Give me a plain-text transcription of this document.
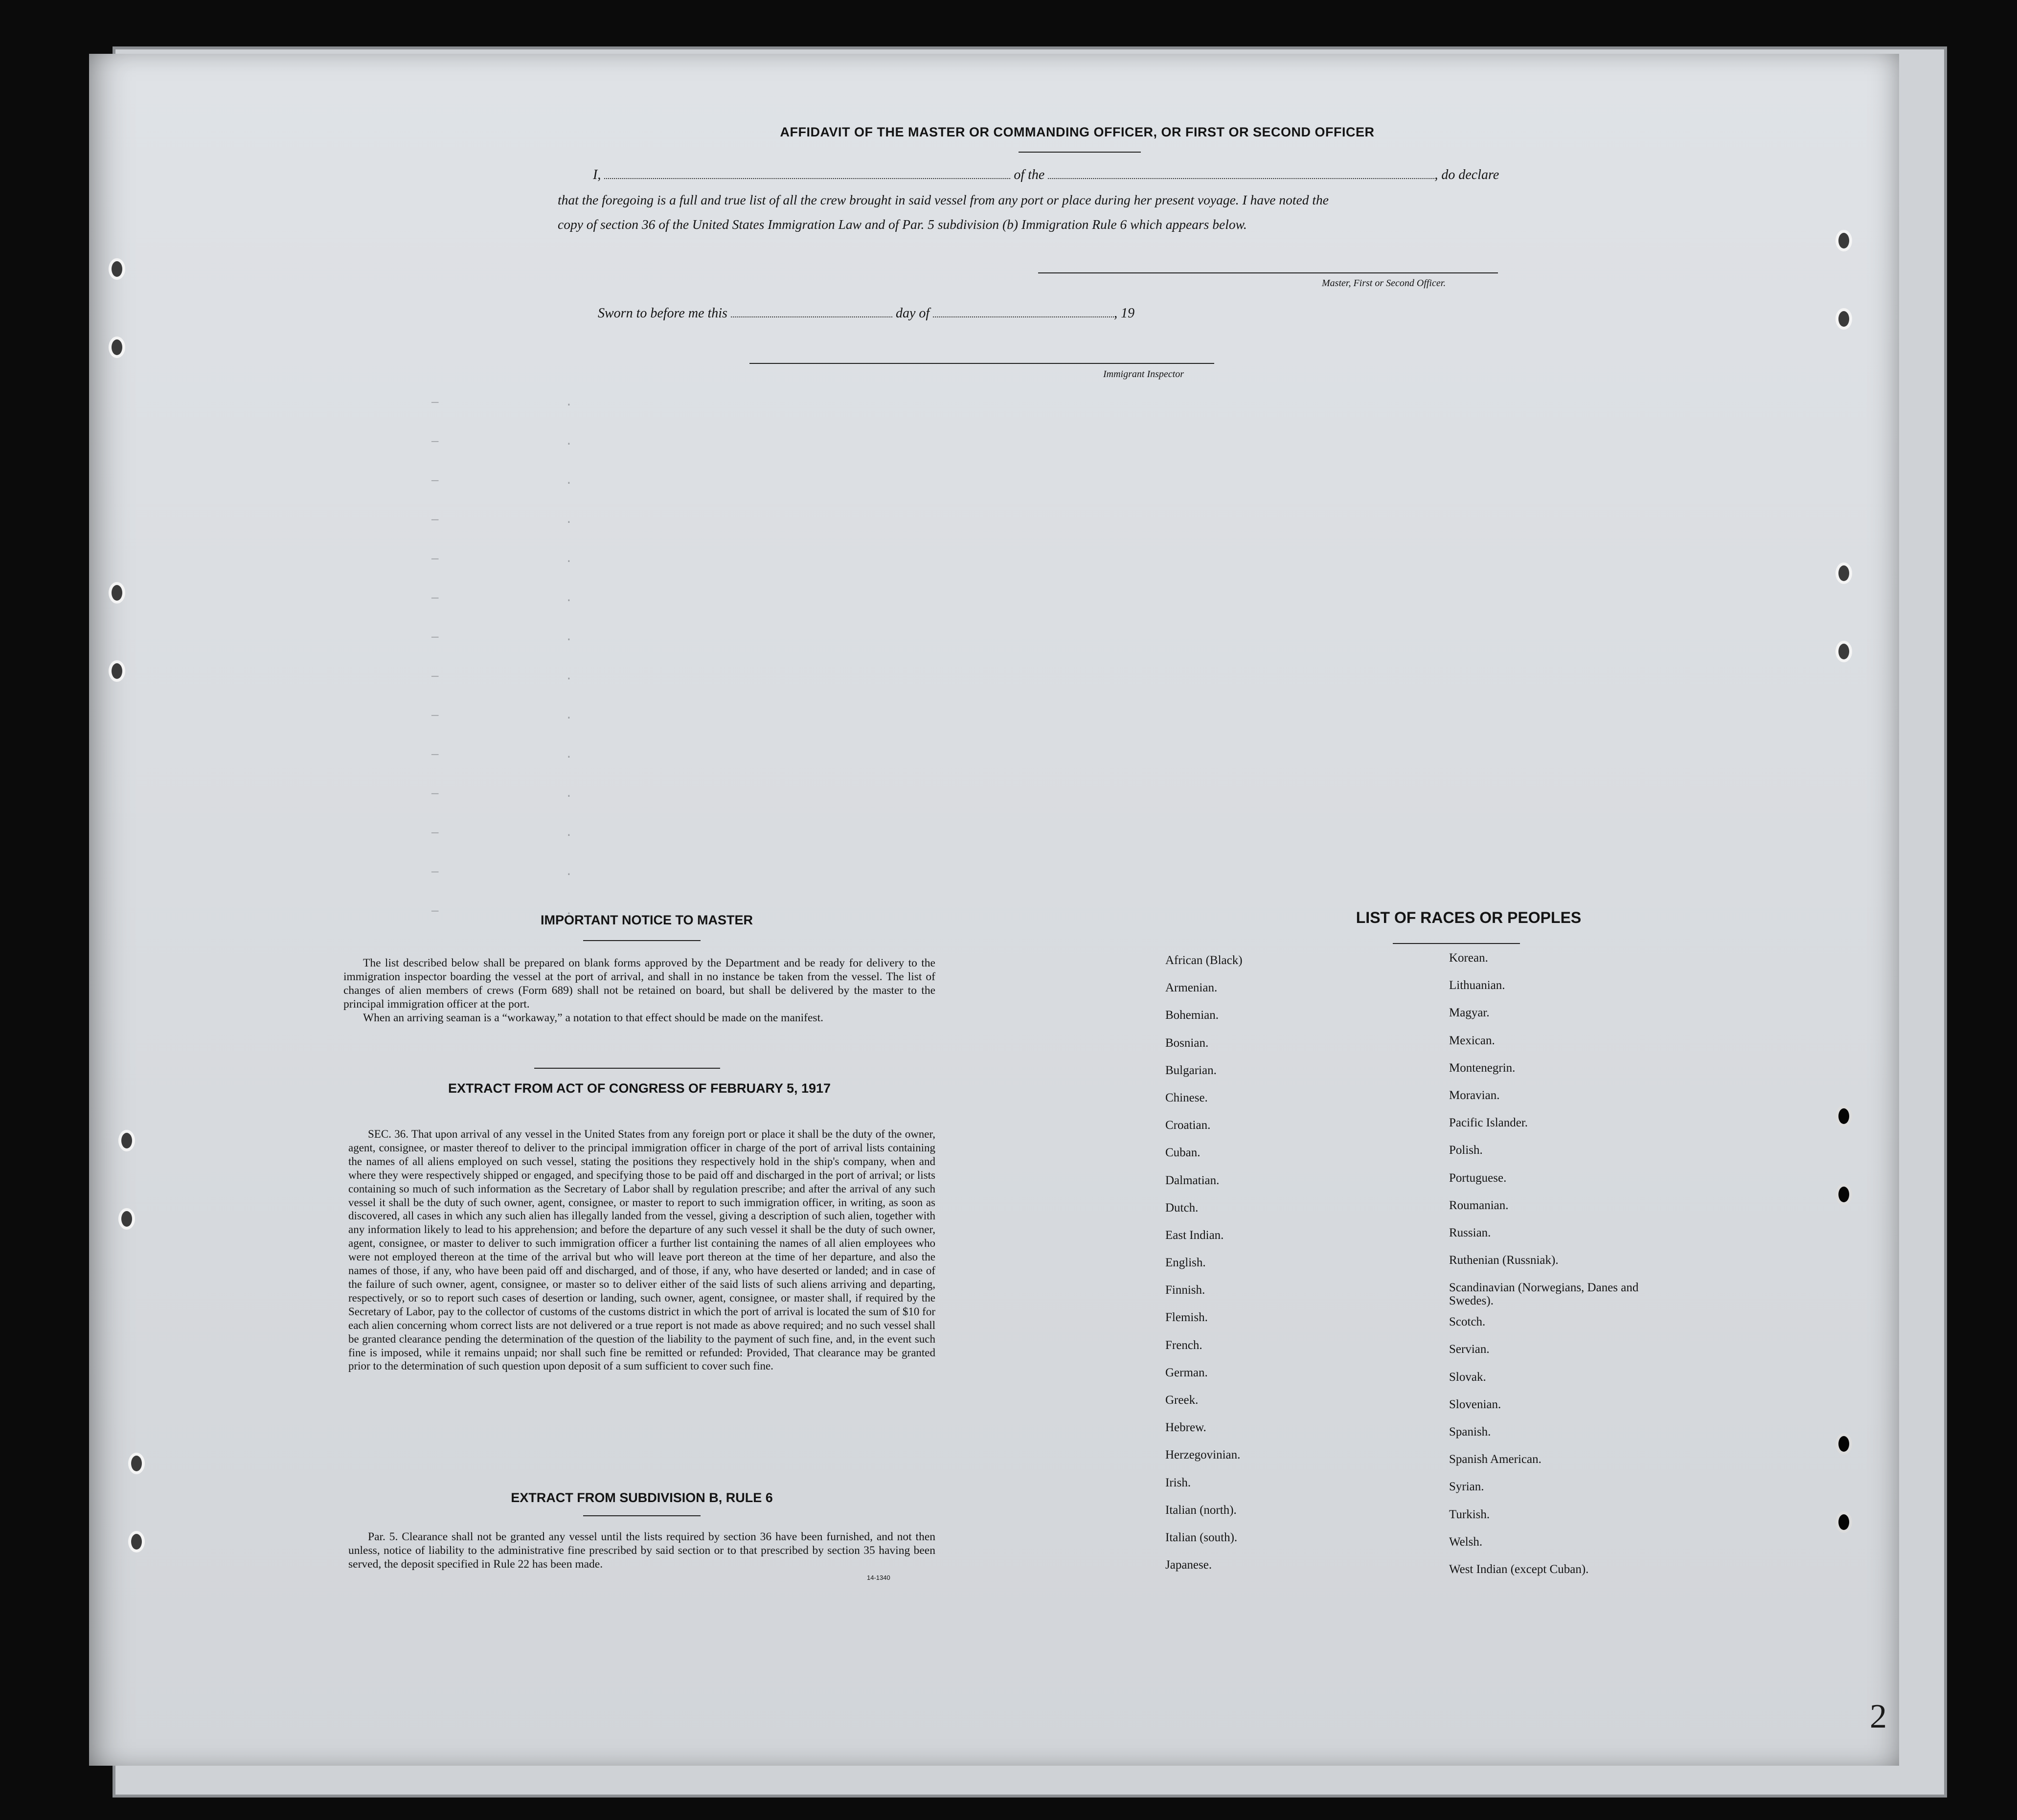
AFFIDAVIT OF THE MASTER OR COMMANDING OFFICER, OR FIRST OR SECOND OFFICER
I,	of the	, do declare
that the foregoing is a full and true list of all the crew brought in said vessel from any port or place during her present voyage. I have noted the
copy of section 36 of the United States Immigration Law and of Par. 5 subdivision (b) Immigration Rule 6 which appears below.
Master, First or Second Officer.
Sworn to before me this	day of	, 19
Immigrant Inspector
—                  .
—                  .
—                  .
—                  .
—                  .
—                  .
—                  .
—                  .
—                  .
—                  .
—                  .
—                  .
—                  .
—                  .
IMPORTANT NOTICE TO MASTER

The list described below shall be prepared on blank forms approved by the Department and be ready for delivery to the immigration inspector boarding the vessel at the port of arrival, and shall in no instance be taken from the vessel. The list of changes of alien members of crews (Form 689) shall not be retained on board, but shall be delivered by the master to the principal immigration officer at the port.

When an arriving seaman is a “workaway,” a notation to that effect should be made on the manifest.

EXTRACT FROM ACT OF CONGRESS OF FEBRUARY 5, 1917

SEC. 36. That upon arrival of any vessel in the United States from any foreign port or place it shall be the duty of the owner, agent, consignee, or master thereof to deliver to the principal immigration officer in charge of the port of arrival lists containing the names of all aliens employed on such vessel, stating the positions they respectively hold in the ship's company, when and where they were respectively shipped or engaged, and specifying those to be paid off and discharged in the port of arrival; or lists containing so much of such information as the Secretary of Labor shall by regulation prescribe; and after the arrival of any such vessel it shall be the duty of such owner, agent, consignee, or master to report to such immigration officer, in writing, as soon as discovered, all cases in which any such alien has illegally landed from the vessel, giving a description of such alien, together with any information likely to lead to his apprehension; and before the departure of any such vessel it shall be the duty of such owner, agent, consignee, or master to deliver to such immigration officer a further list containing the names of all alien employees who were not employed thereon at the time of the arrival but who will leave port thereon at the time of her departure, and also the names of those, if any, who have been paid off and discharged, and of those, if any, who have deserted or landed; and in case of the failure of such owner, agent, consignee, or master so to deliver either of the said lists of such aliens arriving and departing, respectively, or so to report such cases of desertion or landing, such owner, agent, consignee, or master shall, if required by the Secretary of Labor, pay to the collector of customs of the customs district in which the port of arrival is located the sum of $10 for each alien concerning whom correct lists are not delivered or a true report is not made as above required; and no such vessel shall be granted clearance pending the determination of the question of the liability to the payment of such fine, and, in the event such fine is imposed, while it remains unpaid; nor shall such fine be remitted or refunded: Provided, That clearance may be granted prior to the determination of such question upon deposit of a sum sufficient to cover such fine.

EXTRACT FROM SUBDIVISION B, RULE 6

Par. 5. Clearance shall not be granted any vessel until the lists required by section 36 have been furnished, and not then unless, notice of liability to the administrative fine prescribed by said section or to that prescribed by section 35 having been served, the deposit specified in Rule 22 has been made.

14-1340
LIST OF RACES OR PEOPLES
African (Black)
Armenian.
Bohemian.
Bosnian.
Bulgarian.
Chinese.
Croatian.
Cuban.
Dalmatian.
Dutch.
East Indian.
English.
Finnish.
Flemish.
French.
German.
Greek.
Hebrew.
Herzegovinian.
Irish.
Italian (north).
Italian (south).
Japanese.
Korean.
Lithuanian.
Magyar.
Mexican.
Montenegrin.
Moravian.
Pacific Islander.
Polish.
Portuguese.
Roumanian.
Russian.
Ruthenian (Russniak).
Scandinavian (Norwegians, Danes and Swedes).
Scotch.
Servian.
Slovak.
Slovenian.
Spanish.
Spanish American.
Syrian.
Turkish.
Welsh.
West Indian (except Cuban).
2
